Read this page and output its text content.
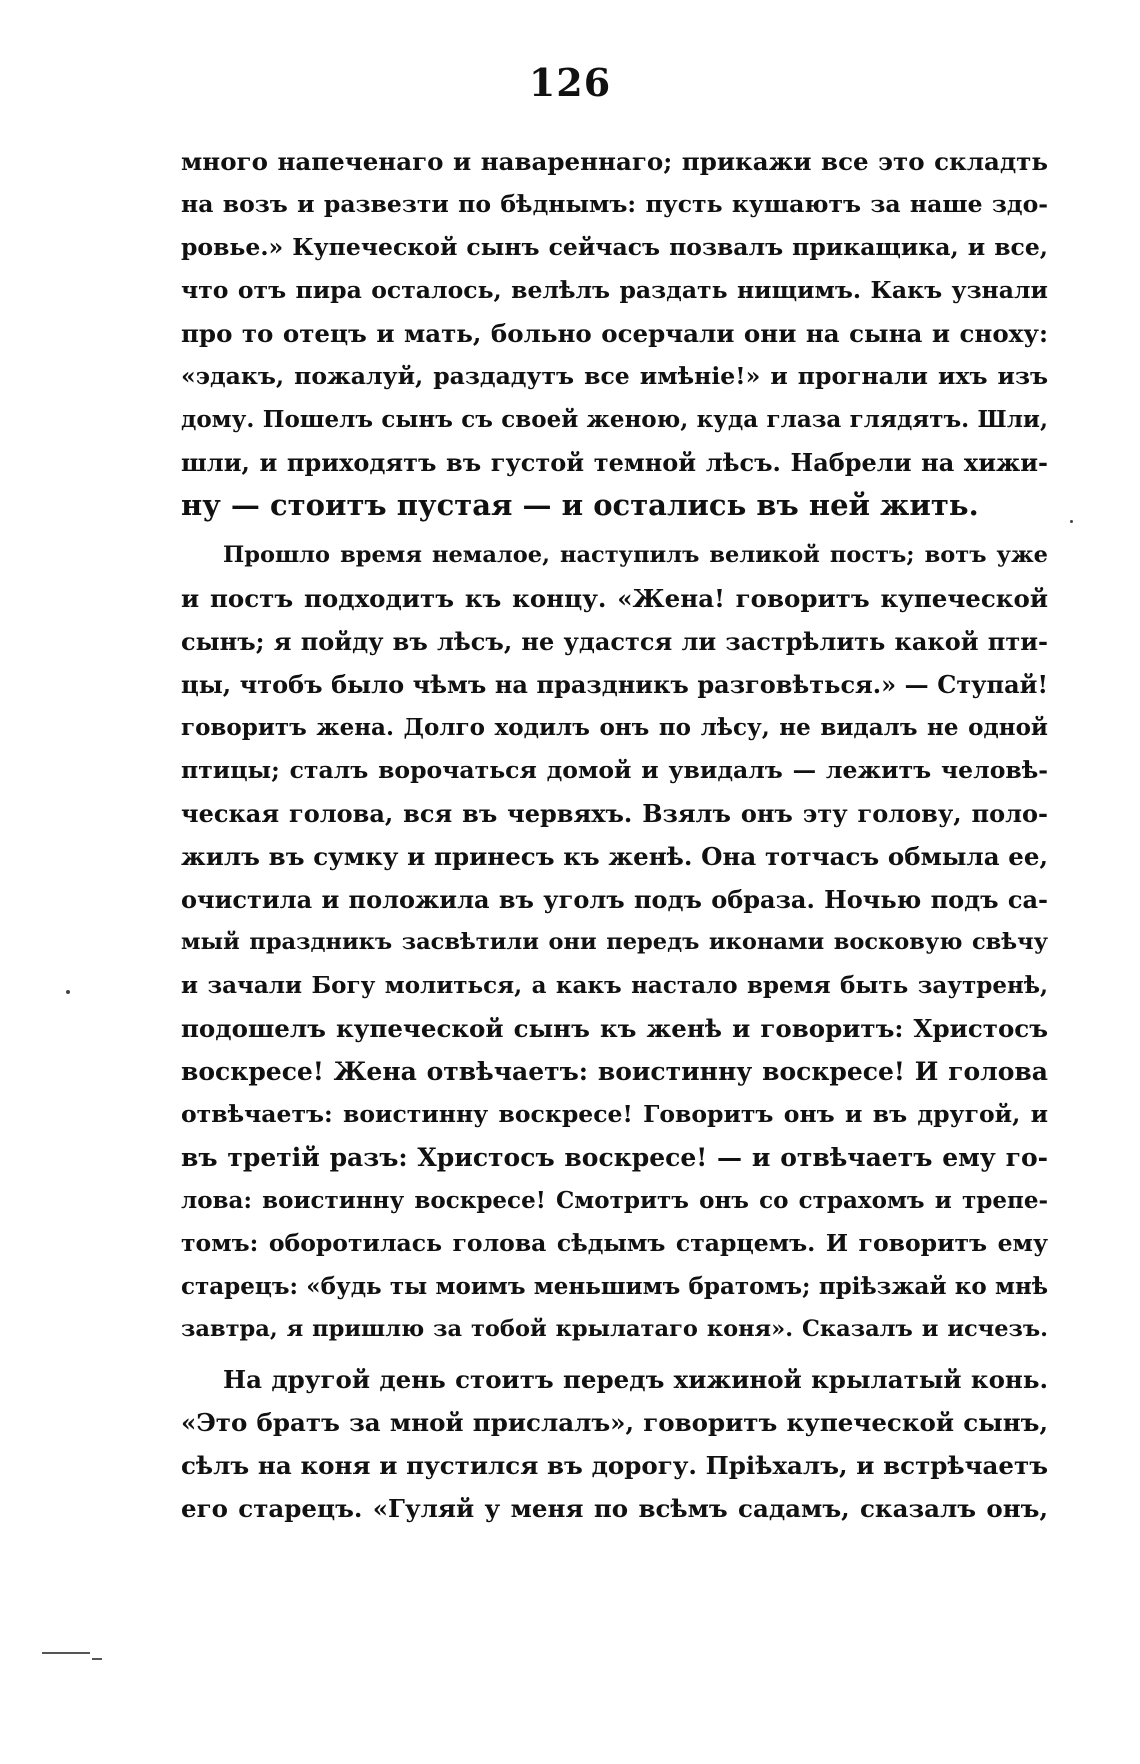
126
много напеченаго и навареннаго; прикажи все это складть
на возъ и развезти по бѣднымъ: пусть кушаютъ за наше здо-
ровье.» Купеческой сынъ сейчасъ позвалъ прикащика, и все,
что отъ пира осталось, велѣлъ раздать нищимъ. Какъ узнали
про то отецъ и мать, больно осерчали они на сына и сноху:
«эдакъ, пожалуй, раздадутъ все имѣніе!» и прогнали ихъ изъ
дому. Пошелъ сынъ съ своей женою, куда глаза глядятъ. Шли,
шли, и приходятъ въ густой темной лѣсъ. Набрели на хижи-
ну — стоитъ пустая — и остались въ ней жить.
Прошло время немалое, наступилъ великой постъ; вотъ уже
и постъ подходитъ къ концу. «Жена! говоритъ купеческой
сынъ; я пойду въ лѣсъ, не удастся ли застрѣлить какой пти-
цы, чтобъ было чѣмъ на праздникъ разговѣться.» — Ступай!
говоритъ жена. Долго ходилъ онъ по лѣсу, не видалъ не одной
птицы; сталъ ворочаться домой и увидалъ — лежитъ человѣ-
ческая голова, вся въ червяхъ. Взялъ онъ эту голову, поло-
жилъ въ сумку и принесъ къ женѣ. Она тотчасъ обмыла ее,
очистила и положила въ уголъ подъ образа. Ночью подъ са-
мый праздникъ засвѣтили они передъ иконами восковую свѣчу
и зачали Богу молиться, а какъ настало время быть заутренѣ,
подошелъ купеческой сынъ къ женѣ и говоритъ: Христосъ
воскресе! Жена отвѣчаетъ: воистинну воскресе! И голова
отвѣчаетъ: воистинну воскресе! Говоритъ онъ и въ другой, и
въ третій разъ: Христосъ воскресе! — и отвѣчаетъ ему го-
лова: воистинну воскресе! Смотритъ онъ со страхомъ и трепе-
томъ: оборотилась голова сѣдымъ старцемъ. И говоритъ ему
старецъ: «будь ты моимъ меньшимъ братомъ; пріѣзжай ко мнѣ
завтра, я пришлю за тобой крылатаго коня». Сказалъ и исчезъ.
На другой день стоитъ передъ хижиной крылатый конь.
«Это братъ за мной прислалъ», говоритъ купеческой сынъ,
сѣлъ на коня и пустился въ дорогу. Пріѣхалъ, и встрѣчаетъ
его старецъ. «Гуляй у меня по всѣмъ садамъ, сказалъ онъ,
